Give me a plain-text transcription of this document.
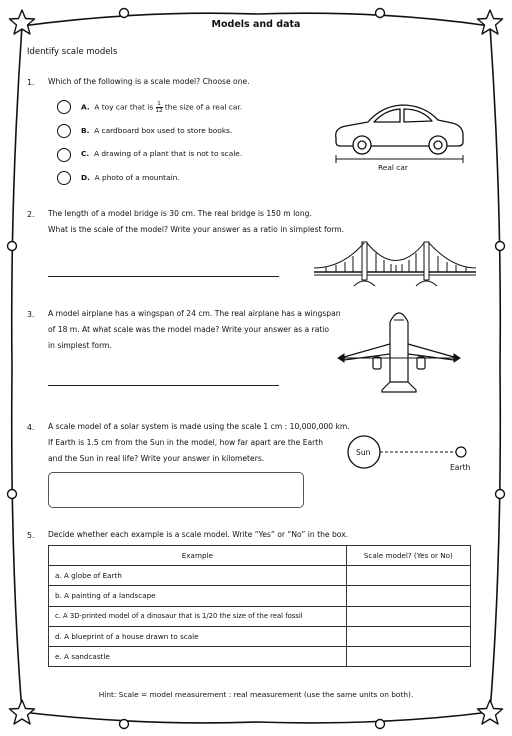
Models and data
Identify scale models
1. Which of the following is a scale model? Choose one.
A. A toy car that is $\frac{1}{12}$ the size of a real car.
B. A cardboard box used to store books.
C. A drawing of a plant that is not to scale.
D. A photo of a mountain.
Real car
2. The length of a model bridge is 30 cm. The real bridge is 150 m long.
What is the scale of the model? Write your answer as a ratio in simplest form.
3. A model airplane has a wingspan of 24 cm. The real airplane has a wingspan
of 18 m. At what scale was the model made? Write your answer as a ratio
in simplest form.
4. A scale model of a solar system is made using the scale 1 cm : 10,000,000 km.
If Earth is 1.5 cm from the Sun in the model, how far apart are the Earth
and the Sun in real life? Write your answer in kilometers.
Sun
Earth
5. Decide whether each example is a scale model. Write “Yes” or “No” in the box.
Example	Scale model? (Yes or No)
a. A globe of Earth	
b. A painting of a landscape	
c. A 3D-printed model of a dinosaur that is 1/20 the size of the real fossil	
d. A blueprint of a house drawn to scale	
e. A sandcastle	
Hint: Scale = model measurement : real measurement (use the same units on both).
